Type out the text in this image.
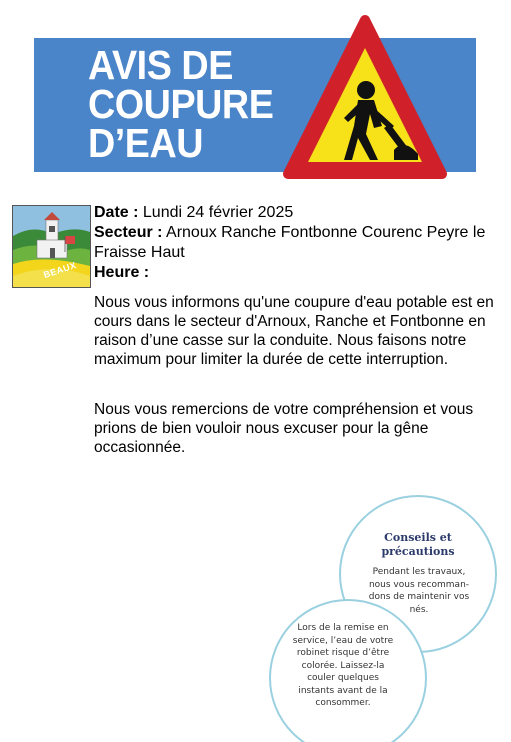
AVIS DE
COUPURE
D’EAU
BEAUX
Date : Lundi 24 février 2025
Secteur : Arnoux Ranche Fontbonne Courenc Peyre le Fraisse Haut
Heure :
Nous vous informons qu'une coupure d'eau potable est en cours dans le secteur d'Arnoux, Ranche et Fontbonne en raison d’une casse sur la conduite. Nous faisons notre maximum pour limiter la durée de cette interruption.
Nous vous remercions de votre compréhension et vous prions de bien vouloir nous excuser pour la gêne occasionnée.
Conseils et
précautions
Pendant les travaux,
nous vous recomman-
dons de maintenir vos
nés.
Lors de la remise en
service, l’eau de votre
robinet risque d’être
colorée. Laissez-la
couler quelques
instants avant de la
consommer.
